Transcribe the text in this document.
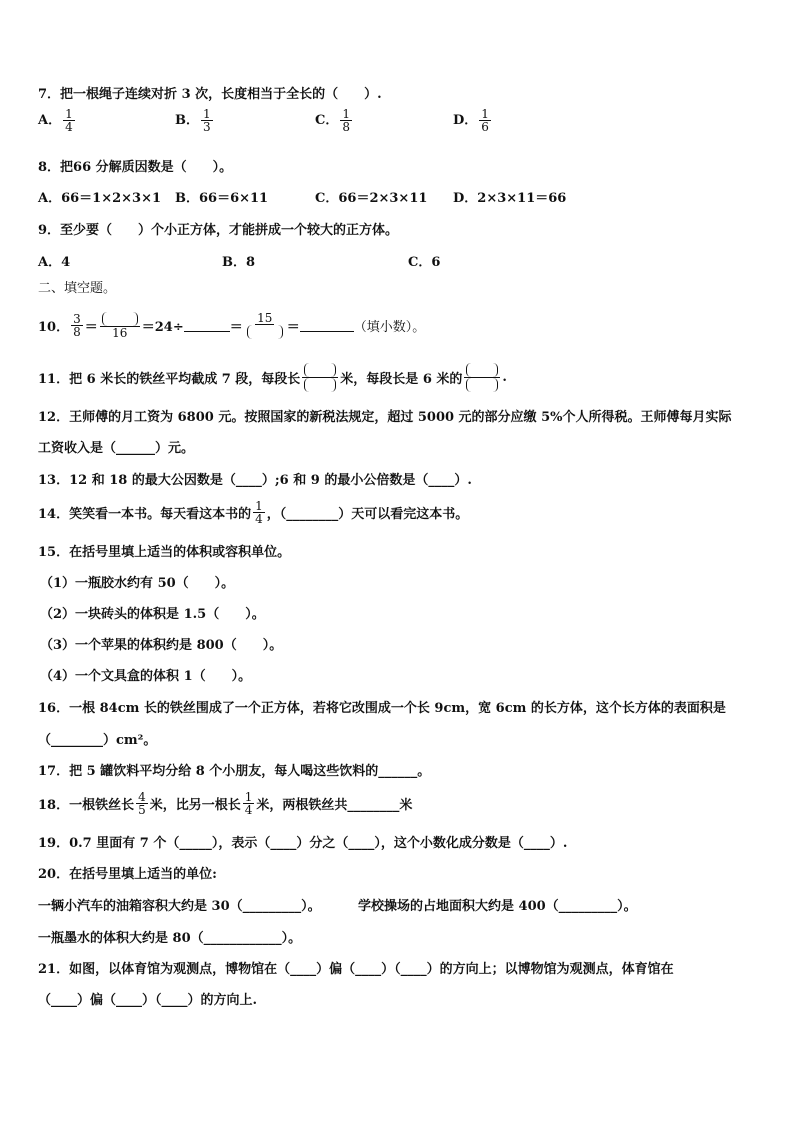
7．把一根绳子连续对折 3 次，长度相当于全长的（　　）.
A． $\frac{1}{4}$	B． $\frac{1}{3}$	C． $\frac{1}{8}$	D． $\frac{1}{6}$
8．把66 分解质因数是（　　）。
A．66＝1×2×3×1 B．66＝6×11	C．66＝2×3×11 D．2×3×11＝66
9．至少要（　　）个小正方体，才能拼成一个较大的正方体。
A．4	B．8	C．6
二、填空题。
10． $\frac{3}{8} = 16 =24\div$	＝
15
＝	（填小数）。
11．把 6 米长的铁丝平均截成 7 段，每段长	米，每段长是 6 米的	.
12．王师傅的月工资为 6800 元。按照国家的新税法规定，超过 5000 元的部分应缴 5%个人所得税。王师傅每月实际
工资收入是（______）元。
13．12 和 18 的最大公因数是（____）;6 和 9 的最小公倍数是（____）.
14．笑笑看一本书。每天看这本书的 $\frac{1}{4}$ ，（________）天可以看完这本书。
15．在括号里填上适当的体积或容积单位。
（1）一瓶胶水约有 50（　　）。
（2）一块砖头的体积是 1.5（　　）。
（3）一个苹果的体积约是 800（　　）。
（4）一个文具盒的体积 1（　　）。
16．一根 84cm 长的铁丝围成了一个正方体，若将它改围成一个长 9cm，宽 6cm 的长方体，这个长方体的表面积是
（________）cm²。
17．把 5 罐饮料平均分给 8 个小朋友，每人喝这些饮料的______。
18．一根铁丝长 $\frac{4}{5}$ 米，比另一根长 $\frac{1}{4}$ 米，两根铁丝共________米
19．0.7 里面有 7 个（_____），表示（____）分之（____），这个小数化成分数是（____）.
20．在括号里填上适当的单位:
一辆小汽车的油箱容积大约是 30（_________）。	学校操场的占地面积大约是 400（_________）。
一瓶墨水的体积大约是 80（____________）。
21．如图，以体育馆为观测点，博物馆在（____）偏（____）（____）的方向上；以博物馆为观测点，体育馆在
（____）偏（____）（____）的方向上.
